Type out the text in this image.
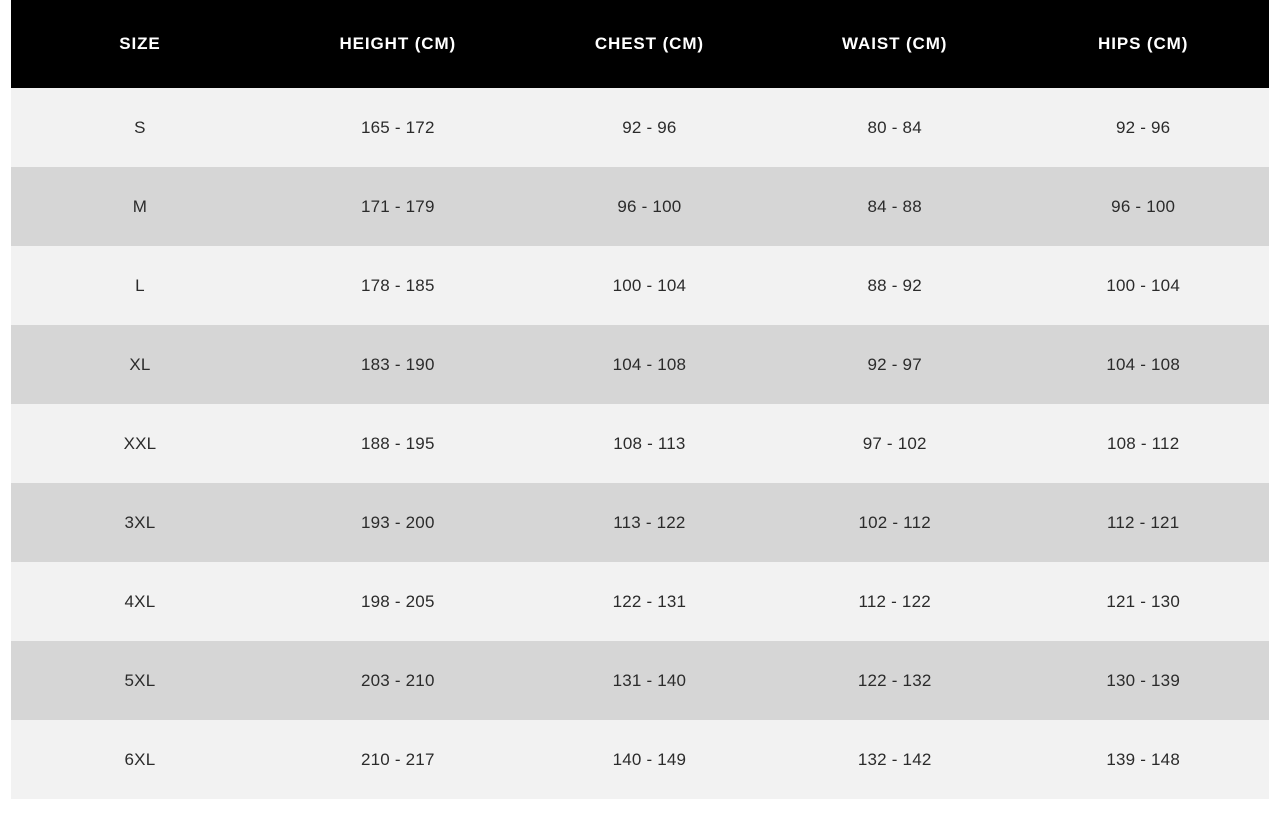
SIZE	HEIGHT (CM)	CHEST (CM)	WAIST (CM)	HIPS (CM)
S	165 - 172	92 - 96	80 - 84	92 - 96
M	171 - 179	96 - 100	84 - 88	96 - 100
L	178 - 185	100 - 104	88 - 92	100 - 104
XL	183 - 190	104 - 108	92 - 97	104 - 108
XXL	188 - 195	108 - 113	97 - 102	108 - 112
3XL	193 - 200	113 - 122	102 - 112	112 - 121
4XL	198 - 205	122 - 131	112 - 122	121 - 130
5XL	203 - 210	131 - 140	122 - 132	130 - 139
6XL	210 - 217	140 - 149	132 - 142	139 - 148
